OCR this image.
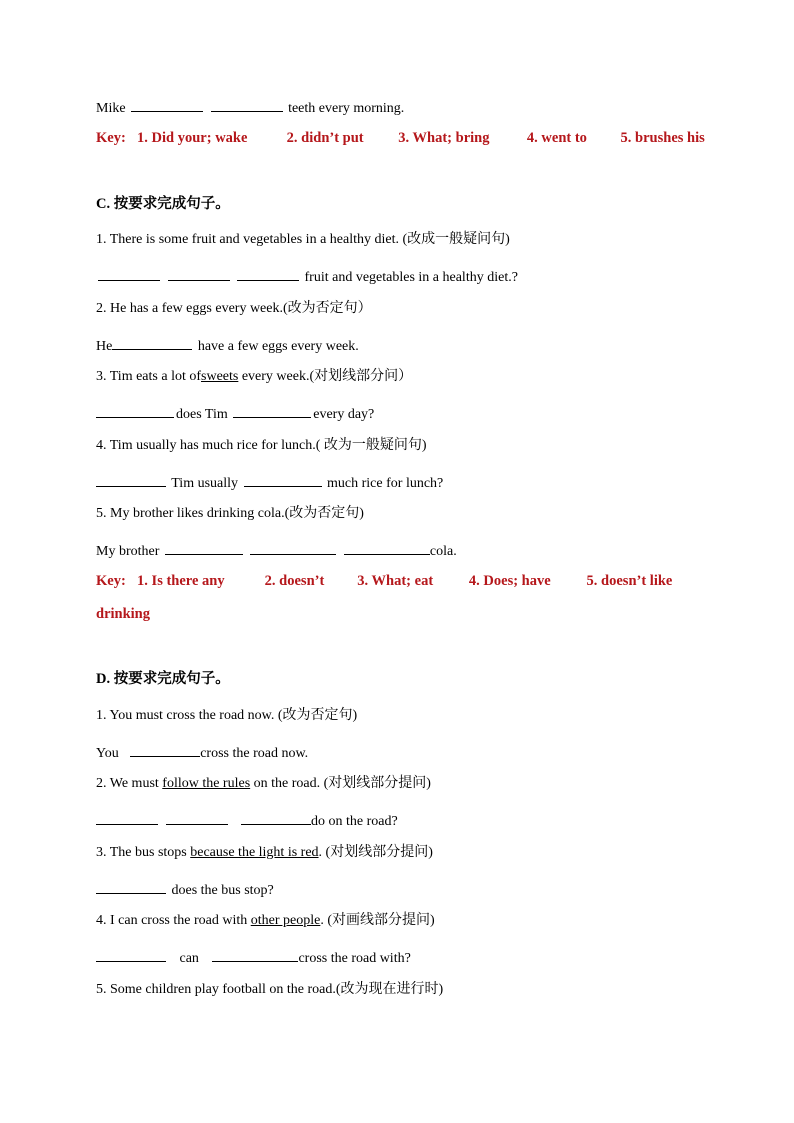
Mike	teeth every morning.
Key: 1. Did your; wake	2. didn’t put 3. What; bring	4. went to 5. brushes his
C. 按要求完成句子。
1. There is some fruit and vegetables in a healthy diet. (改成一般疑问句)
fruit and vegetables in a healthy diet.?
2. He has a few eggs every week.(改为否定句）
He	have a few eggs every week.
3. Tim eats a lot ofsweets every week.(对划线部分问）
does Tim	every day?
4. Tim usually has much rice for lunch.( 改为一般疑问句)
Tim usually	much rice for lunch?
5. My brother likes drinking cola.(改为否定句)
My brother	cola.
Key: 1. Is there any	2. doesn’t 3. What; eat 4. Does; have 5. doesn’t like
drinking
D. 按要求完成句子。
1. You must cross the road now. (改为否定句)
You	cross the road now.
2. We must follow the rules on the road. (对划线部分提问)
do on the road?
3. The bus stops because the light is red. (对划线部分提问)
does the bus stop?
4. I can cross the road with other people. (对画线部分提问)
can	cross the road with?
5. Some children play football on the road.(改为现在进行时)
